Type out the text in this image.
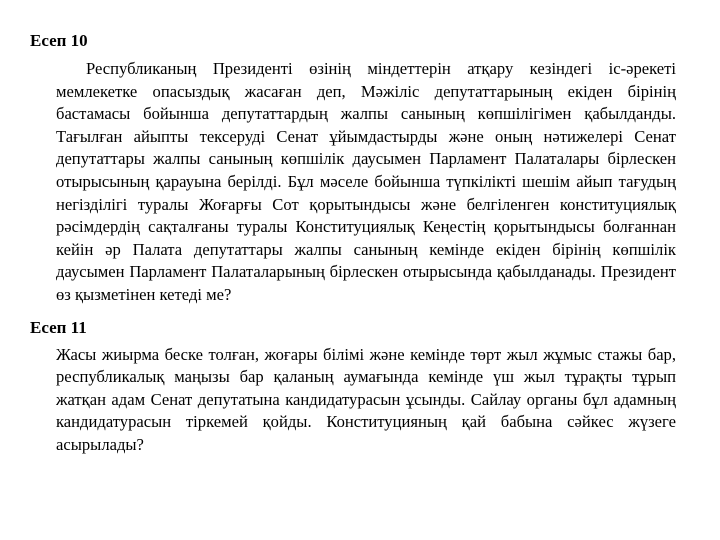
Есеп 10

Республиканың Президенті өзінің міндеттерін атқару кезіндегі іс-әрекеті мемлекетке опасыздық жасаған деп, Мәжіліс депутаттарының екіден бірінің бастамасы бойынша депутаттардың жалпы санының көпшілігімен қабылданды. Тағылған айыпты тексеруді Сенат ұйымдастырды және оның нәтижелері Сенат депутаттары жалпы санының көпшілік даусымен Парламент Палаталары бірлескен отырысының қарауына берілді. Бұл мәселе бойынша түпкілікті шешім айып тағудың негізділігі туралы Жоғарғы Сот қорытындысы және белгіленген конституциялық рәсімдердің сақталғаны туралы Конституциялық Кеңестің қорытындысы болғаннан кейін әр Палата депутаттары жалпы санының кемінде екіден бірінің көпшілік даусымен Парламент Палаталарының бірлескен отырысында қабылданады. Президент өз қызметінен кетеді ме?

Есеп 11

Жасы жиырма беске толған, жоғары білімі және кемінде төрт жыл жұмыс стажы бар, республикалық маңызы бар қаланың аумағында кемінде үш жыл тұрақты тұрып жатқан адам Сенат депутатына кандидатурасын ұсынды. Сайлау органы бұл адамның кандидатурасын тіркемей қойды. Конституцияның қай бабына сәйкес жүзеге асырылады?
